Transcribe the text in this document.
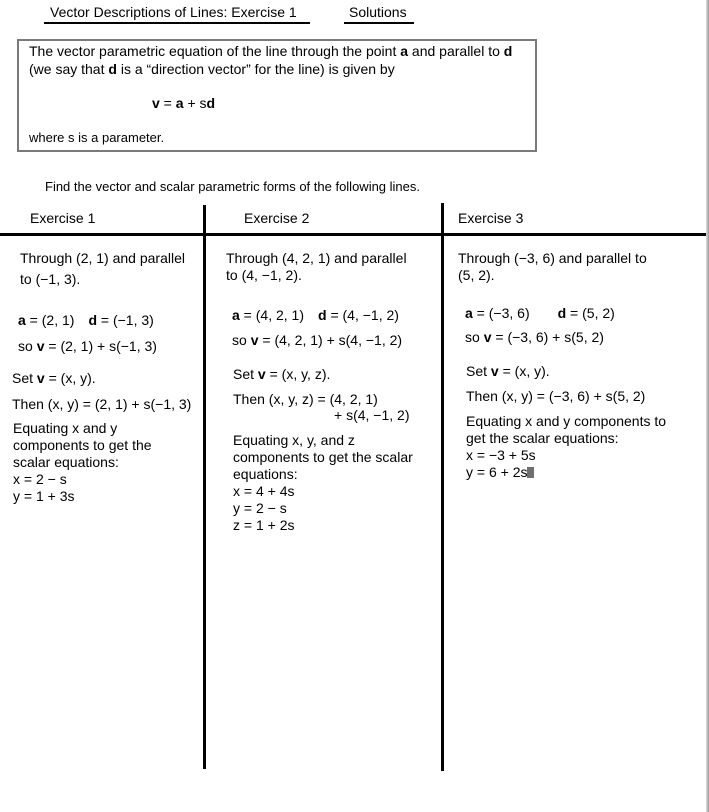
Vector Descriptions of Lines: Exercise 1	Solutions
The vector parametric equation of the line through the point a and parallel to d
(we say that d is a “direction vector” for the line) is given by
v = a + sd
where s is a parameter.
Find the vector and scalar parametric forms of the following lines.
Exercise 1	Exercise 2	Exercise 3
Through (2, 1) and parallel
to (−1, 3).
a = (2, 1) d = (−1, 3)
so v = (2, 1) + s(−1, 3)
Set v = (x, y).
Then (x, y) = (2, 1) + s(−1, 3)
Equating x and y
components to get the
scalar equations:
x = 2 − s
y = 1 + 3s
Through (4, 2, 1) and parallel
to (4, −1, 2).
a = (4, 2, 1) d = (4, −1, 2)
so v = (4, 2, 1) + s(4, −1, 2)
Set v = (x, y, z).
Then (x, y, z) = (4, 2, 1)
+ s(4, −1, 2)
Equating x, y, and z
components to get the scalar
equations:
x = 4 + 4s
y = 2 − s
z = 1 + 2s
Through (−3, 6) and parallel to
(5, 2).
a = (−3, 6) d = (5, 2)
so v = (−3, 6) + s(5, 2)
Set v = (x, y).
Then (x, y) = (−3, 6) + s(5, 2)
Equating x and y components to
get the scalar equations:
x = −3 + 5s
y = 6 + 2s
